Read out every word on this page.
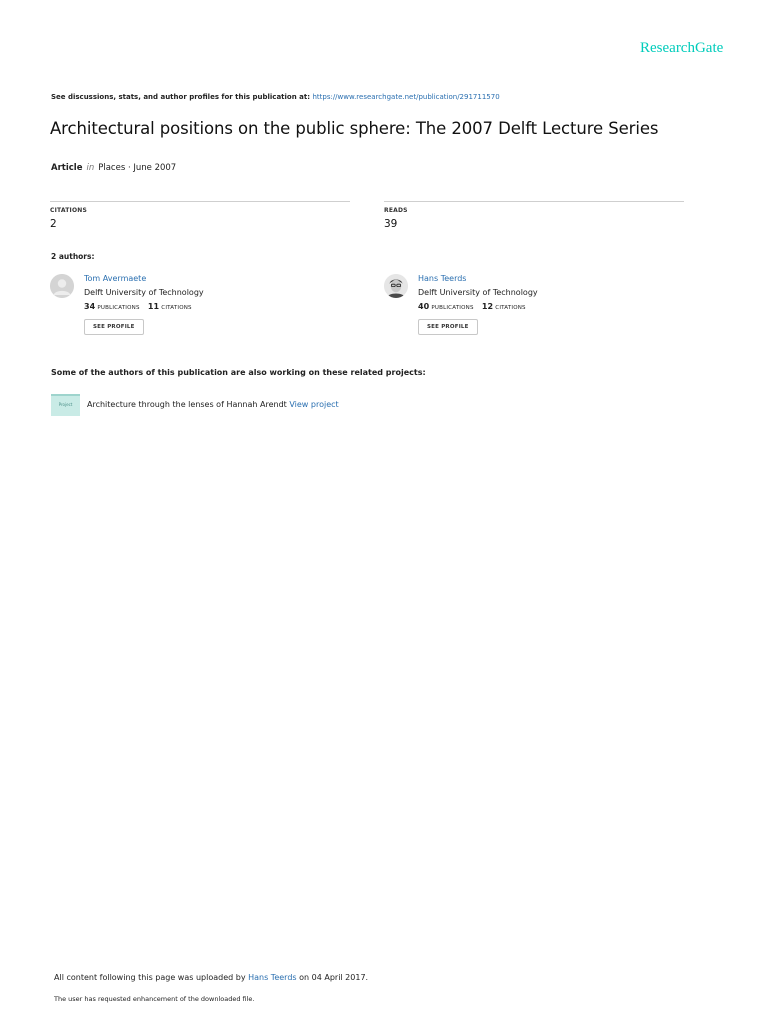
ResearchGate
See discussions, stats, and author profiles for this publication at: https://www.researchgate.net/publication/291711570
Architectural positions on the public sphere: The 2007 Delft Lecture Series
Article in Places · June 2007
CITATIONS
2
READS
39
2 authors:
Tom Avermaete
Delft University of Technology
34 PUBLICATIONS 11 CITATIONS
SEE PROFILE
Hans Teerds
Delft University of Technology
40 PUBLICATIONS 12 CITATIONS
SEE PROFILE
Some of the authors of this publication are also working on these related projects:
Project	Architecture through the lenses of Hannah Arendt View project
All content following this page was uploaded by Hans Teerds on 04 April 2017.
The user has requested enhancement of the downloaded file.
